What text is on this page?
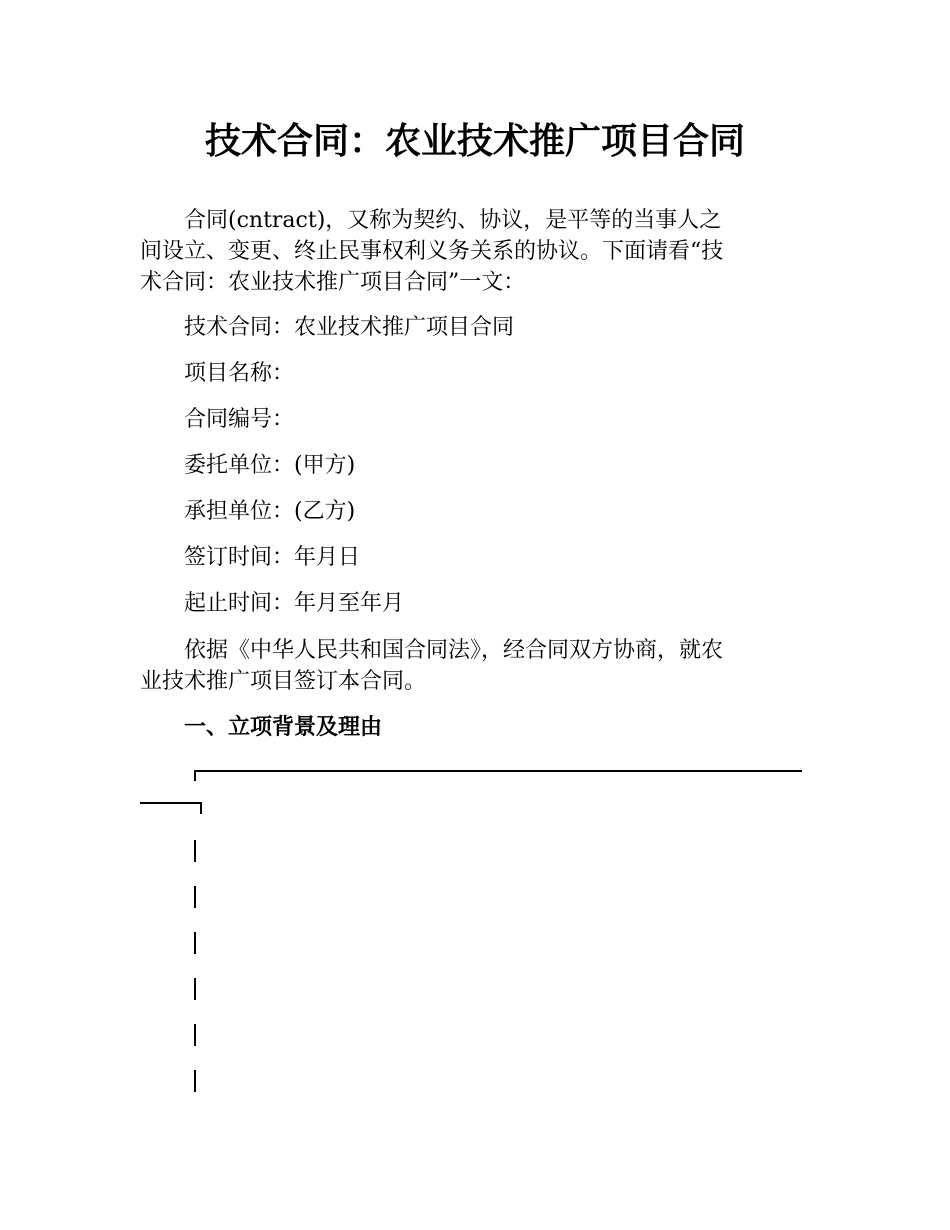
技术合同：农业技术推广项目合同

合同(cntract)，又称为契约、协议，是平等的当事人之

间设立、变更、终止民事权利义务关系的协议。下面请看“技

术合同：农业技术推广项目合同”一文：

技术合同：农业技术推广项目合同

项目名称：

合同编号：

委托单位：(甲方)

承担单位：(乙方)

签订时间：年月日

起止时间：年月至年月

依据《中华人民共和国合同法》，经合同双方协商，就农

业技术推广项目签订本合同。

一、立项背景及理由
